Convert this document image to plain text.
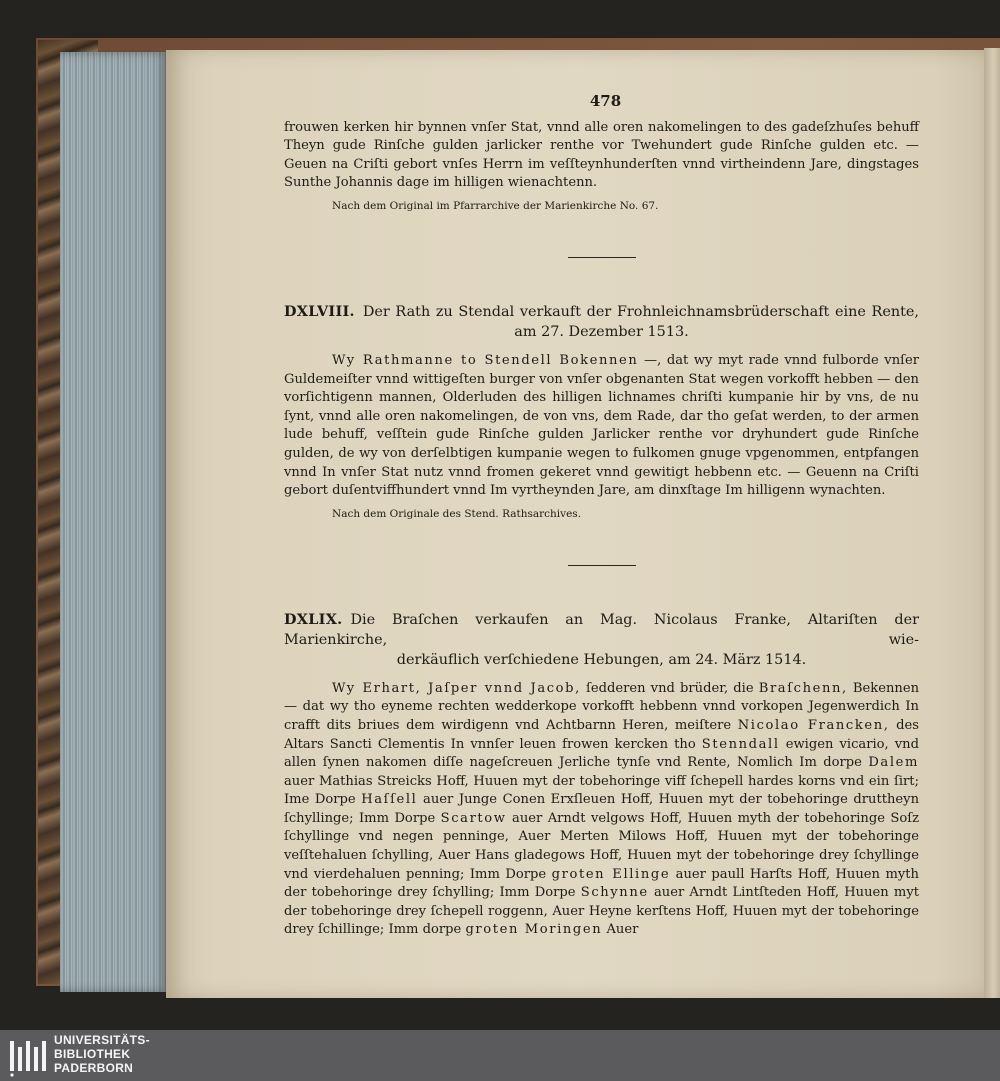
478

frouwen kerken hir bynnen vnſer Stat, vnnd alle oren nakomelingen to des gadeſzhuſes behuff Theyn gude Rinſche gulden jarlicker renthe vor Twehundert gude Rinſche gulden etc. — Geuen na Criſti gebort vnſes Herrn im veſſteynhunderſten vnnd virtheindenn Jare, dingstages Sunthe Johannis dage im hilligen wienachtenn.

Nach dem Original im Pfarrarchive der Marienkirche No. 67.
DXLVIII. Der Rath zu Stendal verkauft der Frohnleichnamsbrüderschaft eine Rente,
am 27. Dezember 1513.

Wy Rathmanne to Stendell Bokennen —, dat wy myt rade vnnd fulborde vnſer Guldemeiſter vnnd wittigeſten burger von vnſer obgenanten Stat wegen vorkofft hebben — den vorſichtigenn mannen, Olderluden des hilligen lichnames chriſti kumpanie hir by vns, de nu ſynt, vnnd alle oren nakomelingen, de von vns, dem Rade, dar tho geſat werden, to der armen lude behuff, veſſtein gude Rinſche gulden Jarlicker renthe vor dryhundert gude Rinſche gulden, de wy von derſelbtigen kumpanie wegen to fulkomen gnuge vpgenommen, entpfangen vnnd In vnſer Stat nutz vnnd fromen gekeret vnnd gewitigt hebbenn etc. — Geuenn na Criſti gebort duſentviffhundert vnnd Im vyrtheynden Jare, am dinxſtage Im hilligenn wynachten.

Nach dem Originale des Stend. Rathsarchives.
DXLIX. Die Braſchen verkaufen an Mag. Nicolaus Franke, Altariſten der Marienkirche, wie-
derkäuflich verſchiedene Hebungen, am 24. März 1514.

Wy Erhart, Jaſper vnnd Jacob, ſedderen vnd brüder, die Braſchenn, Bekennen — dat wy tho eyneme rechten wedderkope vorkofft hebbenn vnnd vorkopen Jegenwerdich In crafft dits briues dem wirdigenn vnd Achtbarnn Heren, meiſtere Nicolao Francken, des Altars Sancti Clementis In vnnſer leuen frowen kercken tho Stenndall ewigen vicario, vnd allen ſynen nakomen diſſe nageſcreuen Jerliche tynſe vnd Rente, Nomlich Im dorpe Dalem auer Mathias Streicks Hoff, Huuen myt der tobehoringe viff ſchepell hardes korns vnd ein ſirt; Ime Dorpe Haſſell auer Junge Conen Erxſleuen Hoff, Huuen myt der tobehoringe druttheyn ſchyllinge; Imm Dorpe Scartow auer Arndt velgows Hoff, Huuen myth der tobehoringe Soſz ſchyllinge vnd negen penninge, Auer Merten Milows Hoff, Huuen myt der tobehoringe veſſtehaluen ſchylling, Auer Hans gladegows Hoff, Huuen myt der tobehoringe drey ſchyllinge vnd vierdehaluen penning; Imm Dorpe groten Ellinge auer paull Harſts Hoff, Huuen myth der tobehoringe drey ſchylling; Imm Dorpe Schynne auer Arndt Lintſteden Hoff, Huuen myt der tobehoringe drey ſchepell roggenn, Auer Heyne kerſtens Hoff, Huuen myt der tobehoringe drey ſchillinge; Imm dorpe groten Moringen Auer

UNIVERSITÄTS-
BIBLIOTHEK
PADERBORN
